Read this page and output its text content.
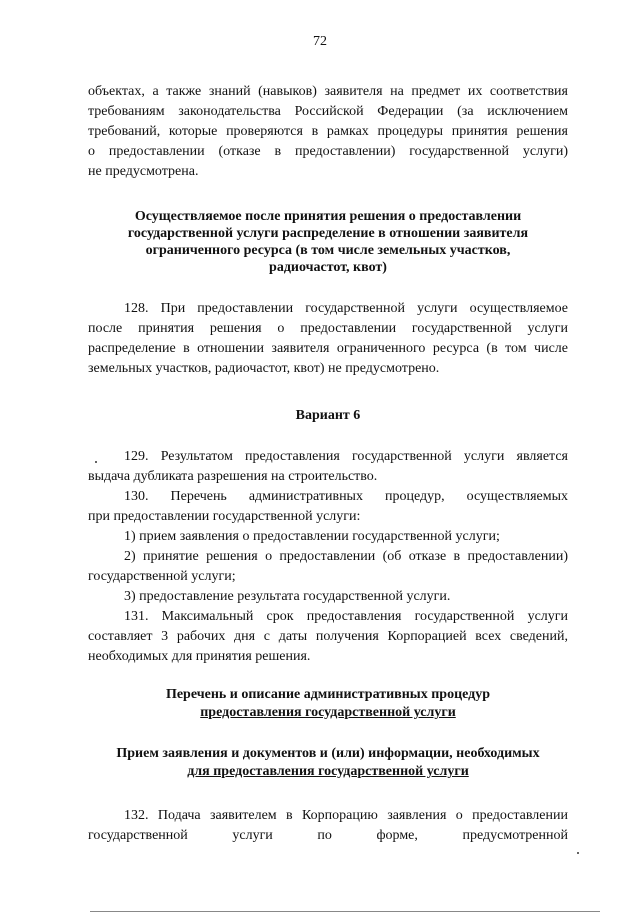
72
объектах, а также знаний (навыков) заявителя на предмет их соответствия
требованиям законодательства Российской Федерации (за исключением
требований, которые проверяются в рамках процедуры принятия решения
о предоставлении (отказе в предоставлении) государственной услуги)
не предусмотрена.
Осуществляемое после принятия решения о предоставлении
государственной услуги распределение в отношении заявителя
ограниченного ресурса (в том числе земельных участков,
радиочастот, квот)
128. При предоставлении государственной услуги осуществляемое
после принятия решения о предоставлении государственной услуги
распределение в отношении заявителя ограниченного ресурса (в том числе
земельных участков, радиочастот, квот) не предусмотрено.
Вариант 6
129. Результатом предоставления государственной услуги является
выдача дубликата разрешения на строительство.
130. Перечень административных процедур, осуществляемых
при предоставлении государственной услуги:
1) прием заявления о предоставлении государственной услуги;
2) принятие решения о предоставлении (об отказе в предоставлении)
государственной услуги;
3) предоставление результата государственной услуги.
131. Максимальный срок предоставления государственной услуги
составляет 3 рабочих дня с даты получения Корпорацией всех сведений,
необходимых для принятия решения.
Перечень и описание административных процедур
предоставления государственной услуги
Прием заявления и документов и (или) информации, необходимых
для предоставления государственной услуги
132. Подача заявителем в Корпорацию заявления о предоставлении
государственной услуги по форме, предусмотренной
